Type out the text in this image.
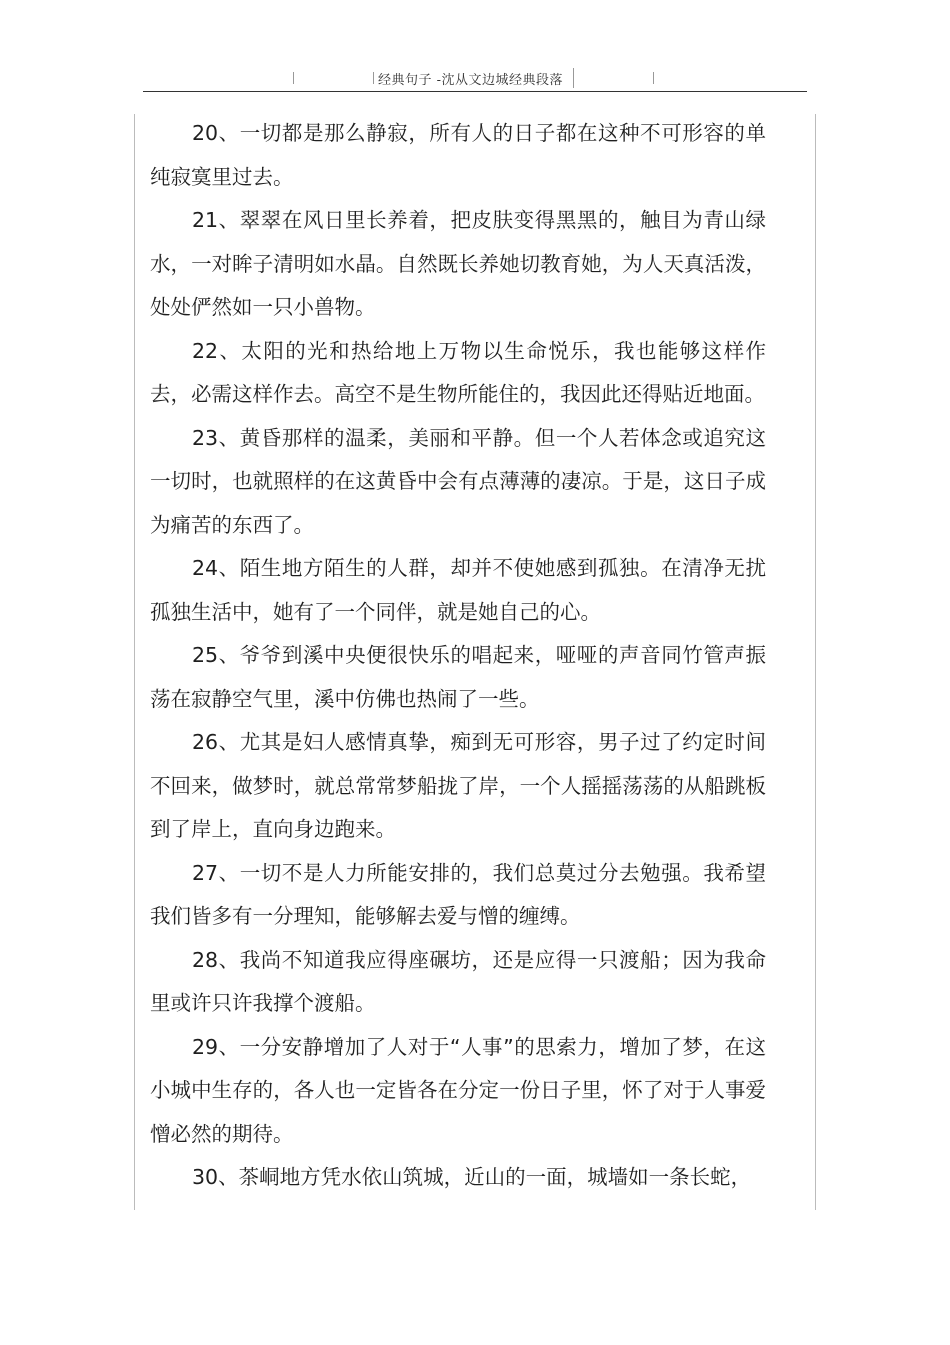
经典句子 -沈从文边城经典段落

20、一切都是那么静寂，所有人的日子都在这种不可形容的单纯寂寞里过去。

21、翠翠在风日里长养着，把皮肤变得黑黑的，触目为青山绿水，一对眸子清明如水晶。自然既长养她切教育她，为人天真活泼，处处俨然如一只小兽物。

22、太阳的光和热给地上万物以生命悦乐，我也能够这样作去，必需这样作去。高空不是生物所能住的，我因此还得贴近地面。

23、黄昏那样的温柔，美丽和平静。但一个人若体念或追究这一切时，也就照样的在这黄昏中会有点薄薄的凄凉。于是，这日子成为痛苦的东西了。

24、陌生地方陌生的人群，却并不使她感到孤独。在清净无扰孤独生活中，她有了一个同伴，就是她自己的心。

25、爷爷到溪中央便很快乐的唱起来，哑哑的声音同竹管声振荡在寂静空气里，溪中仿佛也热闹了一些。

26、尤其是妇人感情真挚，痴到无可形容，男子过了约定时间不回来，做梦时，就总常常梦船拢了岸，一个人摇摇荡荡的从船跳板到了岸上，直向身边跑来。

27、一切不是人力所能安排的，我们总莫过分去勉强。我希望我们皆多有一分理知，能够解去爱与憎的缠缚。

28、我尚不知道我应得座碾坊，还是应得一只渡船；因为我命里或许只许我撑个渡船。

29、一分安静增加了人对于“人事”的思索力，增加了梦，在这小城中生存的，各人也一定皆各在分定一份日子里，怀了对于人事爱憎必然的期待。

30、茶峒地方凭水依山筑城，近山的一面，城墙如一条长蛇，
